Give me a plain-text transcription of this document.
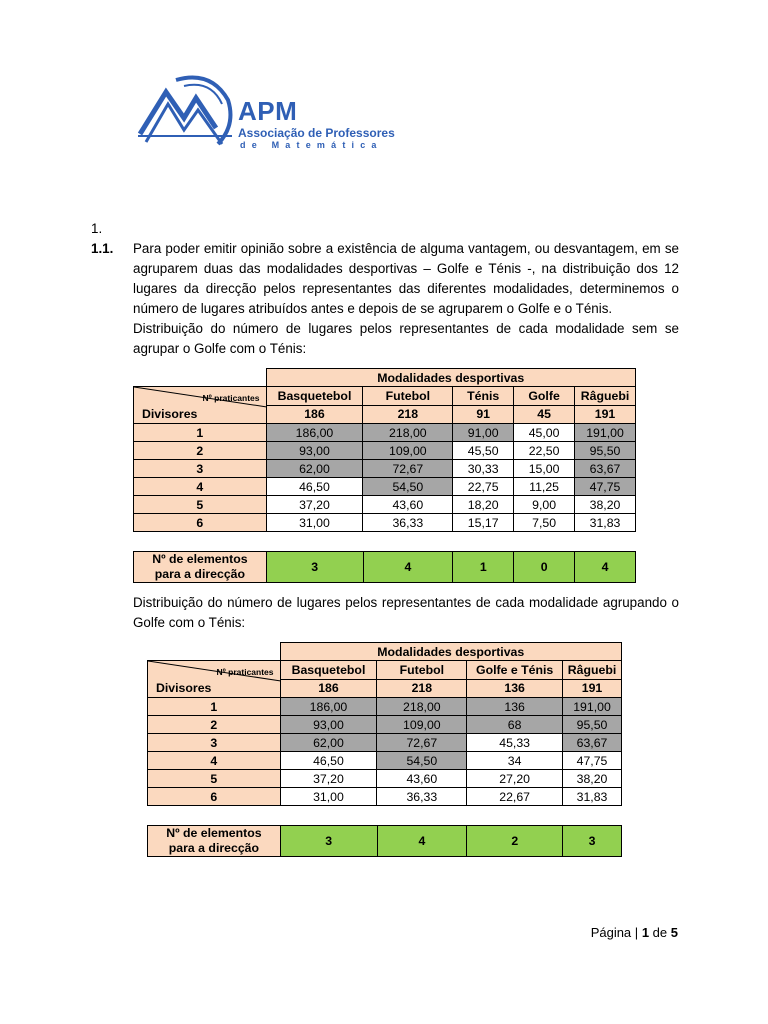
APM
Associação de Professores
de Matemática
1.
1.1. Para poder emitir opinião sobre a existência de alguma vantagem, ou desvantagem, em se agruparem duas das modalidades desportivas – Golfe e Ténis -, na distribuição dos 12 lugares da direcção pelos representantes das diferentes modalidades, determinemos o número de lugares atribuídos antes e depois de se agruparem o Golfe e o Ténis.
Distribuição do número de lugares pelos representantes de cada modalidade sem se agrupar o Golfe com o Ténis:
	Modalidades desportivas				

Nº praticantes
Divisores	Basquetebol	Futebol	Ténis	Golfe	Râguebi
	186	218	91	45	191
1	186,00	218,00	91,00	45,00	191,00
2	93,00	109,00	45,50	22,50	95,50
3	62,00	72,67	30,33	15,00	63,67
4	46,50	54,50	22,75	11,25	47,75
5	37,20	43,60	18,20	9,00	38,20
6	31,00	36,33	15,17	7,50	31,83
Nº de elementos
para a direcção	3	4	1	0	4
Distribuição do número de lugares pelos representantes de cada modalidade agrupando o Golfe com o Ténis:
	Modalidades desportivas			

Nº praticantes
Divisores	Basquetebol	Futebol	Golfe e Ténis	Râguebi
	186	218	136	191
1	186,00	218,00	136	191,00
2	93,00	109,00	68	95,50
3	62,00	72,67	45,33	63,67
4	46,50	54,50	34	47,75
5	37,20	43,60	27,20	38,20
6	31,00	36,33	22,67	31,83
Nº de elementos
para a direcção	3	4	2	3
Página | 1 de 5
